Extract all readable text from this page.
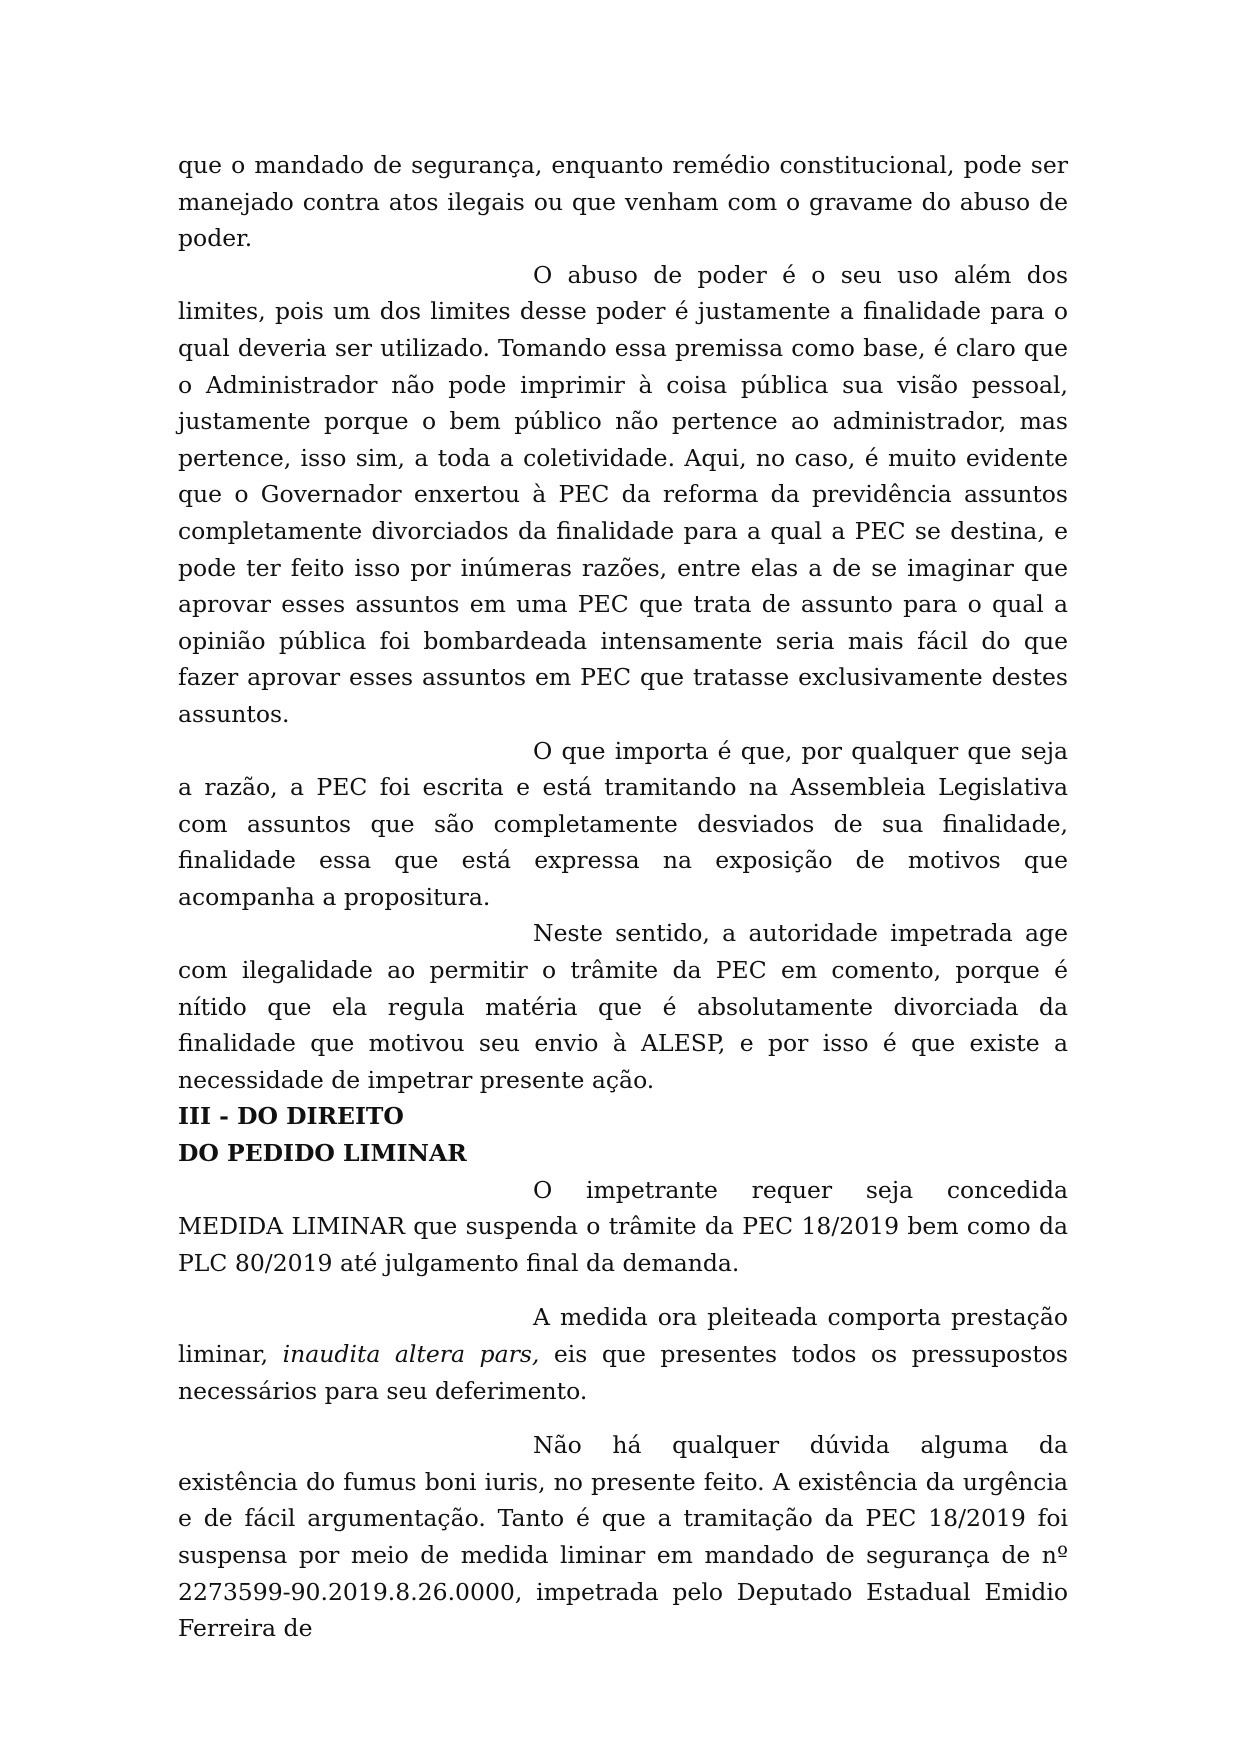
que o mandado de segurança, enquanto remédio constitucional, pode ser manejado contra atos ilegais ou que venham com o gravame do abuso de poder.

O abuso de poder é o seu uso além dos limites, pois um dos limites desse poder é justamente a finalidade para o qual deveria ser utilizado. Tomando essa premissa como base, é claro que o Administrador não pode imprimir à coisa pública sua visão pessoal, justamente porque o bem público não pertence ao administrador, mas pertence, isso sim, a toda a coletividade. Aqui, no caso, é muito evidente que o Governador enxertou à PEC da reforma da previdência assuntos completamente divorciados da finalidade para a qual a PEC se destina, e pode ter feito isso por inúmeras razões, entre elas a de se imaginar que aprovar esses assuntos em uma PEC que trata de assunto para o qual a opinião pública foi bombardeada intensamente seria mais fácil do que fazer aprovar esses assuntos em PEC que tratasse exclusivamente destes assuntos.

O que importa é que, por qualquer que seja a razão, a PEC foi escrita e está tramitando na Assembleia Legislativa com assuntos que são completamente desviados de sua finalidade, finalidade essa que está expressa na exposição de motivos que acompanha a propositura.

Neste sentido, a autoridade impetrada age com ilegalidade ao permitir o trâmite da PEC em comento, porque é nítido que ela regula matéria que é absolutamente divorciada da finalidade que motivou seu envio à ALESP, e por isso é que existe a necessidade de impetrar presente ação.

III - DO DIREITO

DO PEDIDO LIMINAR

O impetrante requer seja concedida MEDIDA LIMINAR que suspenda o trâmite da PEC 18/2019 bem como da PLC 80/2019 até julgamento final da demanda.

A medida ora pleiteada comporta prestação liminar, inaudita altera pars, eis que presentes todos os pressupostos necessários para seu deferimento.

Não há qualquer dúvida alguma da existência do fumus boni iuris, no presente feito. A existência da urgência e de fácil argumentação. Tanto é que a tramitação da PEC 18/2019 foi suspensa por meio de medida liminar em mandado de segurança de nº 2273599-90.2019.8.26.0000, impetrada pelo Deputado Estadual Emidio Ferreira de
